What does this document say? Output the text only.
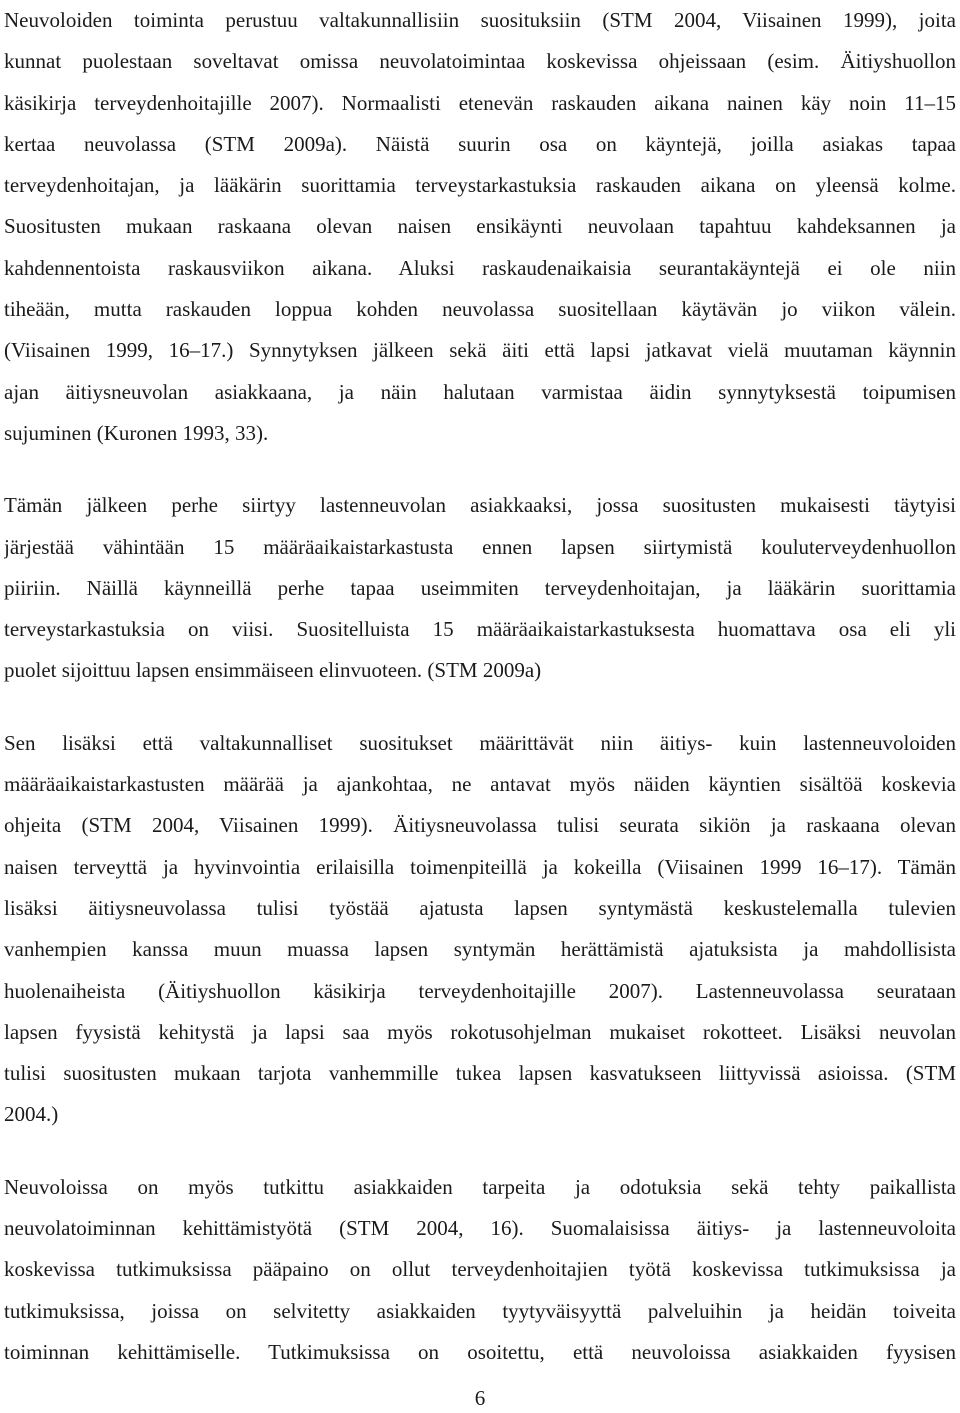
Neuvoloiden toiminta perustuu valtakunnallisiin suosituksiin (STM 2004, Viisainen 1999), joita
kunnat puolestaan soveltavat omissa neuvolatoimintaa koskevissa ohjeissaan (esim. Äitiyshuollon
käsikirja terveydenhoitajille 2007). Normaalisti etenevän raskauden aikana nainen käy noin 11–15
kertaa neuvolassa (STM 2009a). Näistä suurin osa on käyntejä, joilla asiakas tapaa
terveydenhoitajan, ja lääkärin suorittamia terveystarkastuksia raskauden aikana on yleensä kolme.
Suositusten mukaan raskaana olevan naisen ensikäynti neuvolaan tapahtuu kahdeksannen ja
kahdennentoista raskausviikon aikana. Aluksi raskaudenaikaisia seurantakäyntejä ei ole niin
tiheään, mutta raskauden loppua kohden neuvolassa suositellaan käytävän jo viikon välein.
(Viisainen 1999, 16–17.) Synnytyksen jälkeen sekä äiti että lapsi jatkavat vielä muutaman käynnin
ajan äitiysneuvolan asiakkaana, ja näin halutaan varmistaa äidin synnytyksestä toipumisen
sujuminen (Kuronen 1993, 33).
Tämän jälkeen perhe siirtyy lastenneuvolan asiakkaaksi, jossa suositusten mukaisesti täytyisi
järjestää vähintään 15 määräaikaistarkastusta ennen lapsen siirtymistä kouluterveydenhuollon
piiriin. Näillä käynneillä perhe tapaa useimmiten terveydenhoitajan, ja lääkärin suorittamia
terveystarkastuksia on viisi. Suositelluista 15 määräaikaistarkastuksesta huomattava osa eli yli
puolet sijoittuu lapsen ensimmäiseen elinvuoteen. (STM 2009a)
Sen lisäksi että valtakunnalliset suositukset määrittävät niin äitiys- kuin lastenneuvoloiden
määräaikaistarkastusten määrää ja ajankohtaa, ne antavat myös näiden käyntien sisältöä koskevia
ohjeita (STM 2004, Viisainen 1999). Äitiysneuvolassa tulisi seurata sikiön ja raskaana olevan
naisen terveyttä ja hyvinvointia erilaisilla toimenpiteillä ja kokeilla (Viisainen 1999 16–17). Tämän
lisäksi äitiysneuvolassa tulisi työstää ajatusta lapsen syntymästä keskustelemalla tulevien
vanhempien kanssa muun muassa lapsen syntymän herättämistä ajatuksista ja mahdollisista
huolenaiheista (Äitiyshuollon käsikirja terveydenhoitajille 2007). Lastenneuvolassa seurataan
lapsen fyysistä kehitystä ja lapsi saa myös rokotusohjelman mukaiset rokotteet. Lisäksi neuvolan
tulisi suositusten mukaan tarjota vanhemmille tukea lapsen kasvatukseen liittyvissä asioissa. (STM
2004.)
Neuvoloissa on myös tutkittu asiakkaiden tarpeita ja odotuksia sekä tehty paikallista
neuvolatoiminnan kehittämistyötä (STM 2004, 16). Suomalaisissa äitiys- ja lastenneuvoloita
koskevissa tutkimuksissa pääpaino on ollut terveydenhoitajien työtä koskevissa tutkimuksissa ja
tutkimuksissa, joissa on selvitetty asiakkaiden tyytyväisyyttä palveluihin ja heidän toiveita
toiminnan kehittämiselle. Tutkimuksissa on osoitettu, että neuvoloissa asiakkaiden fyysisen
6
